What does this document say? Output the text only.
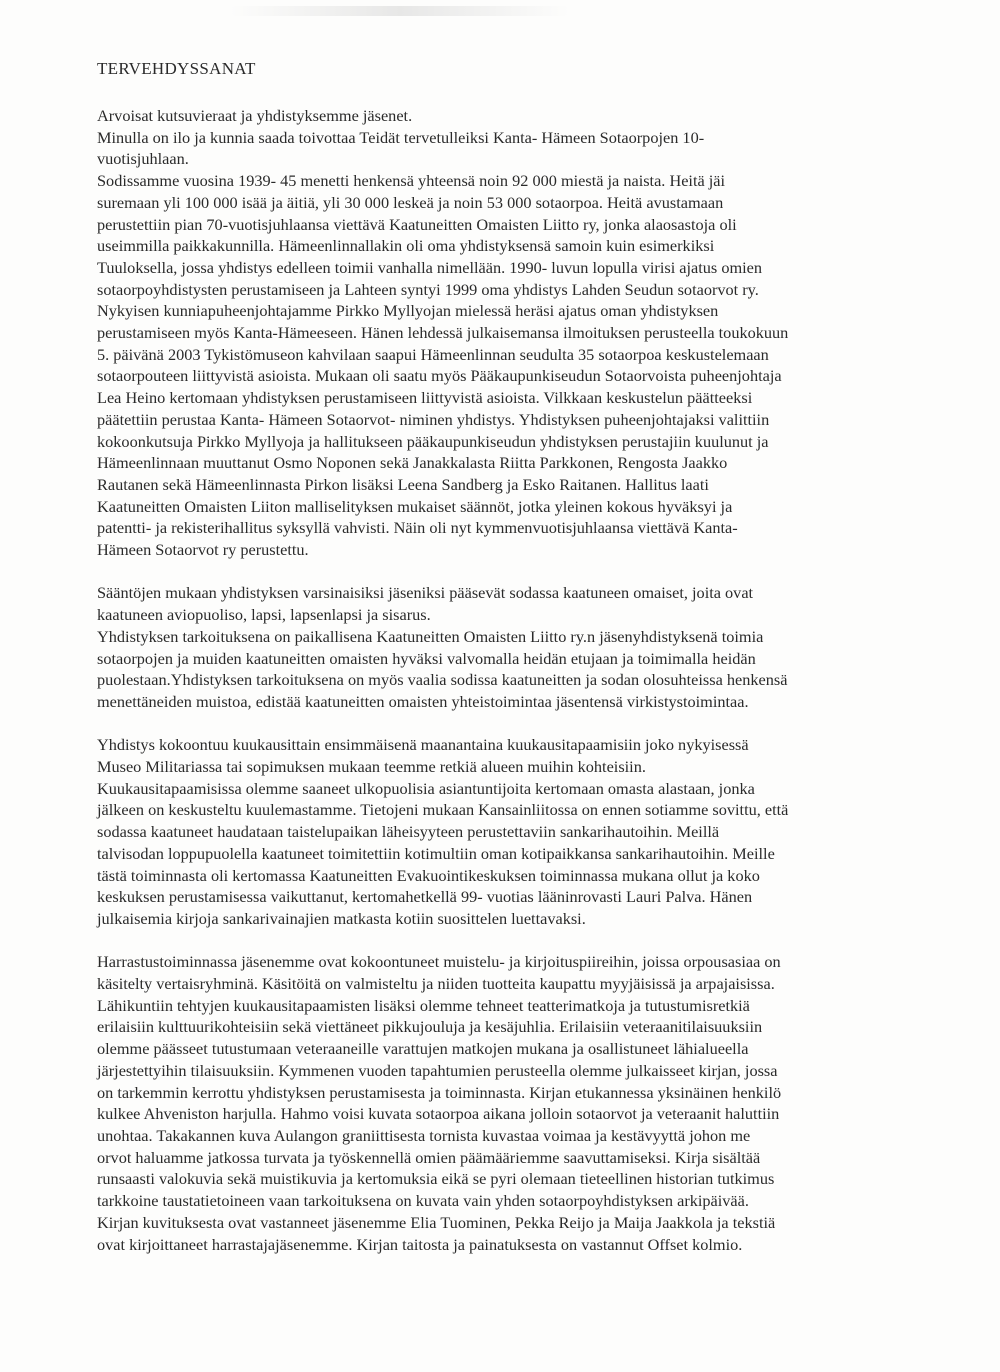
TERVEHDYSSANAT
Arvoisat kutsuvieraat ja yhdistyksemme jäsenet.
Minulla on ilo ja kunnia saada toivottaa Teidät tervetulleiksi Kanta- Hämeen Sotaorpojen 10-
vuotisjuhlaan.
Sodissamme vuosina 1939- 45 menetti henkensä yhteensä noin 92 000 miestä ja naista. Heitä jäi
suremaan yli 100 000 isää ja äitiä, yli 30 000 leskeä ja noin 53 000 sotaorpoa. Heitä avustamaan
perustettiin pian 70-vuotisjuhlaansa viettävä Kaatuneitten Omaisten Liitto ry, jonka alaosastoja oli
useimmilla paikkakunnilla. Hämeenlinnallakin oli oma yhdistyksensä samoin kuin esimerkiksi
Tuuloksella, jossa yhdistys edelleen toimii vanhalla nimellään. 1990- luvun lopulla virisi ajatus omien
sotaorpoyhdistysten perustamiseen ja Lahteen syntyi 1999 oma yhdistys Lahden Seudun sotaorvot ry.
Nykyisen kunniapuheenjohtajamme Pirkko Myllyojan mielessä heräsi ajatus oman yhdistyksen
perustamiseen myös Kanta-Hämeeseen. Hänen lehdessä julkaisemansa ilmoituksen perusteella toukokuun
5. päivänä 2003 Tykistömuseon kahvilaan saapui Hämeenlinnan seudulta 35 sotaorpoa keskustelemaan
sotaorpouteen liittyvistä asioista. Mukaan oli saatu myös Pääkaupunkiseudun Sotaorvoista puheenjohtaja
Lea Heino kertomaan yhdistyksen perustamiseen liittyvistä asioista. Vilkkaan keskustelun päätteeksi
päätettiin perustaa Kanta- Hämeen Sotaorvot- niminen yhdistys. Yhdistyksen puheenjohtajaksi valittiin
kokoonkutsuja Pirkko Myllyoja ja hallitukseen pääkaupunkiseudun yhdistyksen perustajiin kuulunut ja
Hämeenlinnaan muuttanut Osmo Noponen sekä Janakkalasta Riitta Parkkonen, Rengosta Jaakko
Rautanen sekä Hämeenlinnasta Pirkon lisäksi Leena Sandberg ja Esko Raitanen. Hallitus laati
Kaatuneitten Omaisten Liiton malliselityksen mukaiset säännöt, jotka yleinen kokous hyväksyi ja
patentti- ja rekisterihallitus syksyllä vahvisti. Näin oli nyt kymmenvuotisjuhlaansa viettävä Kanta-
Hämeen Sotaorvot ry perustettu.
Sääntöjen mukaan yhdistyksen varsinaisiksi jäseniksi pääsevät sodassa kaatuneen omaiset, joita ovat
kaatuneen aviopuoliso, lapsi, lapsenlapsi ja sisarus.
Yhdistyksen tarkoituksena on paikallisena Kaatuneitten Omaisten Liitto ry.n jäsenyhdistyksenä toimia
sotaorpojen ja muiden kaatuneitten omaisten hyväksi valvomalla heidän etujaan ja toimimalla heidän
puolestaan.Yhdistyksen tarkoituksena on myös vaalia sodissa kaatuneitten ja sodan olosuhteissa henkensä
menettäneiden muistoa, edistää kaatuneitten omaisten yhteistoimintaa jäsentensä virkistystoimintaa.
Yhdistys kokoontuu kuukausittain ensimmäisenä maanantaina kuukausitapaamisiin joko nykyisessä
Museo Militariassa tai sopimuksen mukaan teemme retkiä alueen muihin kohteisiin.
Kuukausitapaamisissa olemme saaneet ulkopuolisia asiantuntijoita kertomaan omasta alastaan, jonka
jälkeen on keskusteltu kuulemastamme. Tietojeni mukaan Kansainliitossa on ennen sotiamme sovittu, että
sodassa kaatuneet haudataan taistelupaikan läheisyyteen perustettaviin sankarihautoihin. Meillä
talvisodan loppupuolella kaatuneet toimitettiin kotimultiin oman kotipaikkansa sankarihautoihin. Meille
tästä toiminnasta oli kertomassa Kaatuneitten Evakuointikeskuksen toiminnassa mukana ollut ja koko
keskuksen perustamisessa vaikuttanut, kertomahetkellä 99- vuotias lääninrovasti Lauri Palva. Hänen
julkaisemia kirjoja sankarivainajien matkasta kotiin suosittelen luettavaksi.
Harrastustoiminnassa jäsenemme ovat kokoontuneet muistelu- ja kirjoituspiireihin, joissa orpousasiaa on
käsitelty vertaisryhminä. Käsitöitä on valmisteltu ja niiden tuotteita kaupattu myyjäisissä ja arpajaisissa.
Lähikuntiin tehtyjen kuukausitapaamisten lisäksi olemme tehneet teatterimatkoja ja tutustumisretkiä
erilaisiin kulttuurikohteisiin sekä viettäneet pikkujouluja ja kesäjuhlia. Erilaisiin veteraanitilaisuuksiin
olemme päässeet tutustumaan veteraaneille varattujen matkojen mukana ja osallistuneet lähialueella
järjestettyihin tilaisuuksiin. Kymmenen vuoden tapahtumien perusteella olemme julkaisseet kirjan, jossa
on tarkemmin kerrottu yhdistyksen perustamisesta ja toiminnasta. Kirjan etukannessa yksinäinen henkilö
kulkee Ahveniston harjulla. Hahmo voisi kuvata sotaorpoa aikana jolloin sotaorvot ja veteraanit haluttiin
unohtaa. Takakannen kuva Aulangon graniittisesta tornista kuvastaa voimaa ja kestävyyttä johon me
orvot haluamme jatkossa turvata ja työskennellä omien päämääriemme saavuttamiseksi. Kirja sisältää
runsaasti valokuvia sekä muistikuvia ja kertomuksia eikä se pyri olemaan tieteellinen historian tutkimus
tarkkoine taustatietoineen vaan tarkoituksena on kuvata vain yhden sotaorpoyhdistyksen arkipäivää.
Kirjan kuvituksesta ovat vastanneet jäsenemme Elia Tuominen, Pekka Reijo ja Maija Jaakkola ja tekstiä
ovat kirjoittaneet harrastajajäsenemme. Kirjan taitosta ja painatuksesta on vastannut Offset kolmio.
